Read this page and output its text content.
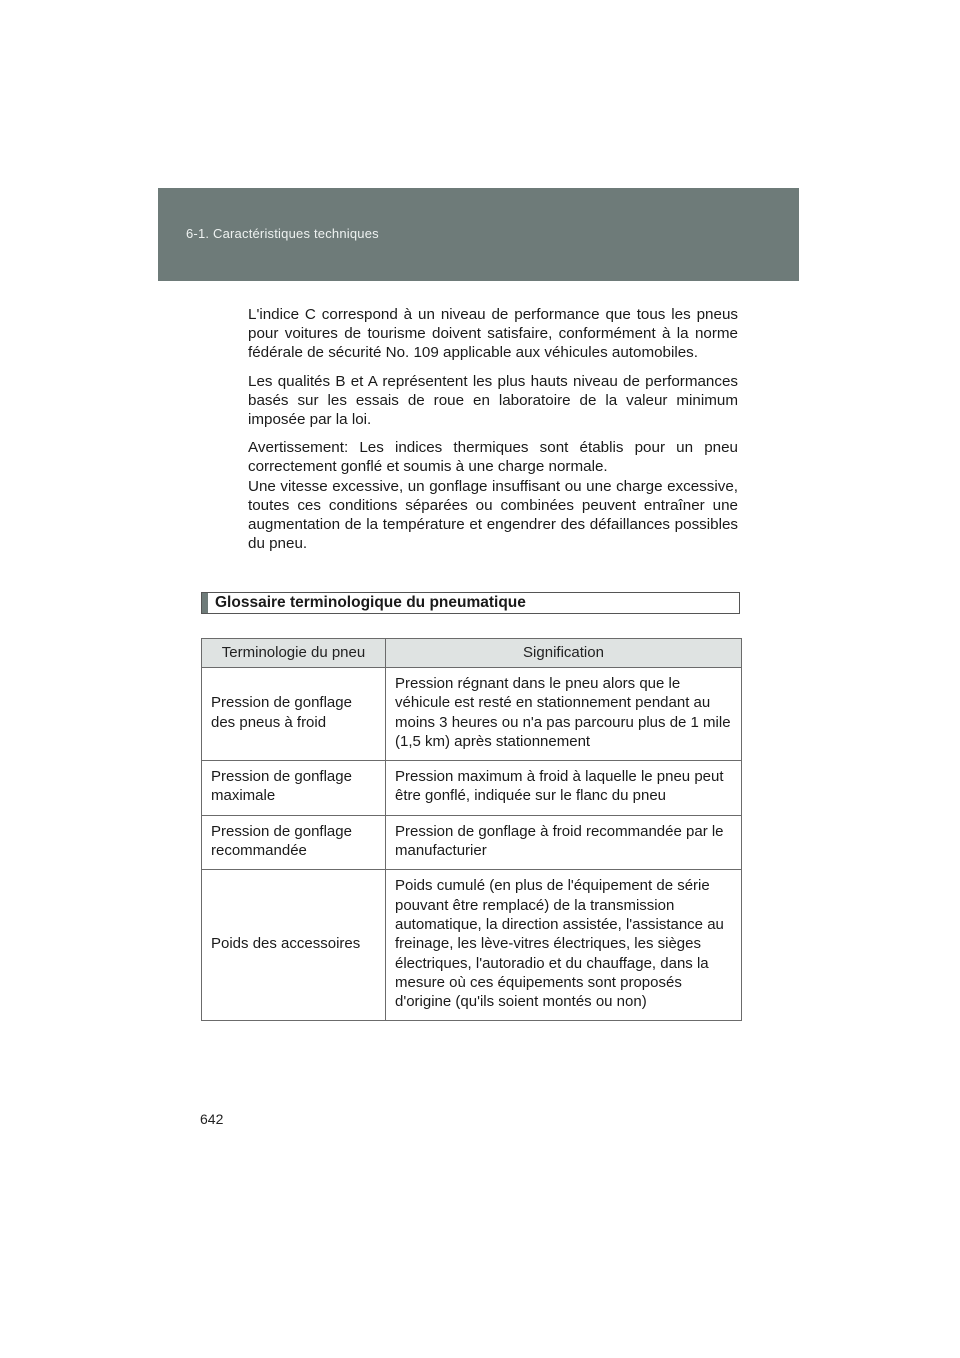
6-1. Caractéristiques techniques

L'indice C correspond à un niveau de performance que tous les pneus pour voitures de tourisme doivent satisfaire, conformément à la norme fédérale de sécurité No. 109 applicable aux véhicules automobiles.

Les qualités B et A représentent les plus hauts niveau de performances basés sur les essais de roue en laboratoire de la valeur minimum imposée par la loi.

Avertissement: Les indices thermiques sont établis pour un pneu correctement gonflé et soumis à une charge normale.

Une vitesse excessive, un gonflage insuffisant ou une charge excessive, toutes ces conditions séparées ou combinées peuvent entraîner une augmentation de la température et engendrer des défaillances possibles du pneu.

Glossaire terminologique du pneumatique
Terminologie du pneu	Signification
Pression de gonflage des pneus à froid	Pression régnant dans le pneu alors que le véhicule est resté en stationnement pendant au moins 3 heures ou n'a pas parcouru plus de 1 mile (1,5 km) après stationnement
Pression de gonflage maximale	Pression maximum à froid à laquelle le pneu peut être gonflé, indiquée sur le flanc du pneu
Pression de gonflage recommandée	Pression de gonflage à froid recommandée par le manufacturier
Poids des accessoires	Poids cumulé (en plus de l'équipement de série pouvant être remplacé) de la transmission automatique, la direction assistée, l'assistance au freinage, les lève-vitres électriques, les sièges électriques, l'autoradio et du chauffage, dans la mesure où ces équipements sont proposés d'origine (qu'ils soient montés ou non)
642
